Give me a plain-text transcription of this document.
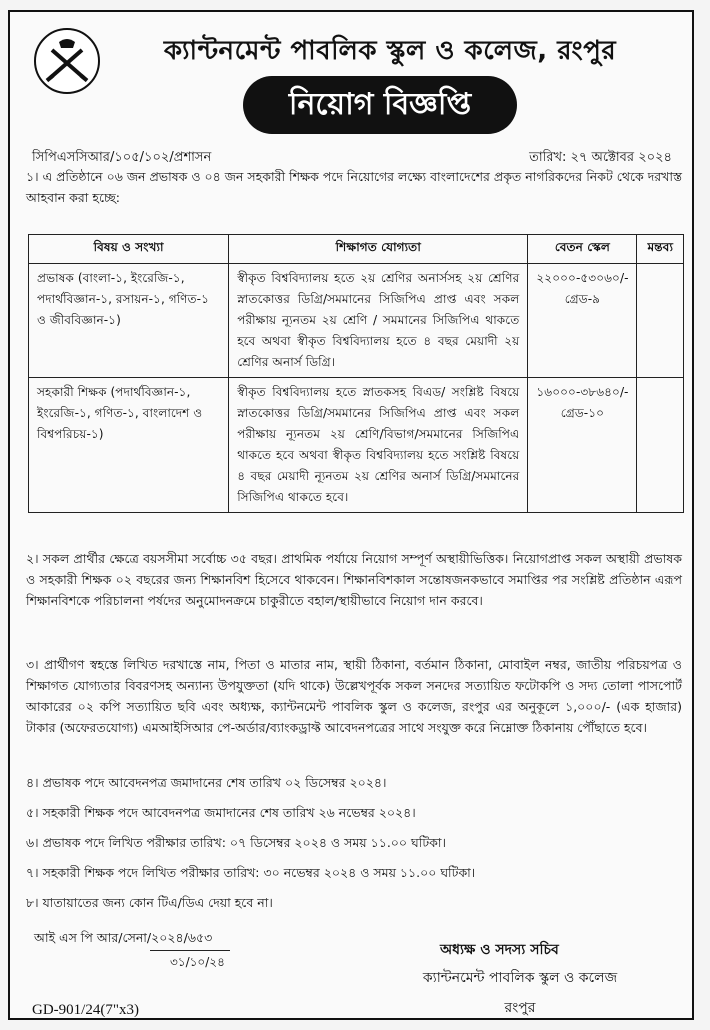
ক্যান্টনমেন্ট পাবলিক স্কুল ও কলেজ, রংপুর
নিয়োগ বিজ্ঞপ্তি
সিপিএসসিআর/১০৫/১০২/প্রশাসন	তারিখ: ২৭ অক্টোবর ২০২৪
১। এ প্রতিষ্ঠানে ০৬ জন প্রভাষক ও ০৪ জন সহকারী শিক্ষক পদে নিয়োগের লক্ষ্যে বাংলাদেশের প্রকৃত নাগরিকদের নিকট থেকে দরখাস্ত আহবান করা হচ্ছে:
বিষয় ও সংখ্যা	শিক্ষাগত যোগ্যতা	বেতন স্কেল	মন্তব্য
প্রভাষক (বাংলা-১, ইংরেজি-১, পদার্থবিজ্ঞান-১, রসায়ন-১, গণিত-১ ও জীববিজ্ঞান-১)	স্বীকৃত বিশ্ববিদ্যালয় হতে ২য় শ্রেণির অনার্সসহ ২য় শ্রেণির স্নাতকোত্তর ডিগ্রি/সমমানের সিজিপিএ প্রাপ্ত এবং সকল পরীক্ষায় ন্যূনতম ২য় শ্রেণি / সমমানের সিজিপিএ থাকতে হবে অথবা স্বীকৃত বিশ্ববিদ্যালয় হতে ৪ বছর মেয়াদী ২য় শ্রেণির অনার্স ডিগ্রি।	২২০০০-৫৩০৬০/-
গ্রেড-৯	

সহকারী শিক্ষক (পদার্থবিজ্ঞান-১, ইংরেজি-১, গণিত-১, বাংলাদেশ ও বিশ্বপরিচয়-১)	স্বীকৃত বিশ্ববিদ্যালয় হতে স্নাতকসহ বিএড/ সংশ্লিষ্ট বিষয়ে স্নাতকোত্তর ডিগ্রি/সমমানের সিজিপিএ প্রাপ্ত এবং সকল পরীক্ষায় ন্যূনতম ২য় শ্রেণি/বিভাগ/সমমানের সিজিপিএ থাকতে হবে অথবা স্বীকৃত বিশ্ববিদ্যালয় হতে সংশ্লিষ্ট বিষয়ে ৪ বছর মেয়াদী ন্যূনতম ২য় শ্রেণির অনার্স ডিগ্রি/সমমানের সিজিপিএ থাকতে হবে।	১৬০০০-৩৮৬৪০/-
গ্রেড-১০	

২। সকল প্রার্থীর ক্ষেত্রে বয়সসীমা সর্বোচ্চ ৩৫ বছর। প্রাথমিক পর্যায়ে নিয়োগ সম্পূর্ণ অস্থায়ীভিত্তিক। নিয়োগপ্রাপ্ত সকল অস্থায়ী প্রভাষক ও সহকারী শিক্ষক ০২ বছরের জন্য শিক্ষানবিশ হিসেবে থাকবেন। শিক্ষানবিশকাল সন্তোষজনকভাবে সমাপ্তির পর সংশ্লিষ্ট প্রতিষ্ঠান এরূপ শিক্ষানবিশকে পরিচালনা পর্ষদের অনুমোদনক্রমে চাকুরীতে বহাল/স্থায়ীভাবে নিয়োগ দান করবে।
৩। প্রার্থীগণ স্বহস্তে লিখিত দরখাস্তে নাম, পিতা ও মাতার নাম, স্থায়ী ঠিকানা, বর্তমান ঠিকানা, মোবাইল নম্বর, জাতীয় পরিচয়পত্র ও শিক্ষাগত যোগ্যতার বিবরণসহ অন্যান্য উপযুক্ততা (যদি থাকে) উল্লেখপূর্বক সকল সনদের সত্যায়িত ফটোকপি ও সদ্য তোলা পাসপোর্ট আকারের ০২ কপি সত্যায়িত ছবি এবং অধ্যক্ষ, ক্যান্টনমেন্ট পাবলিক স্কুল ও কলেজ, রংপুর এর অনুকূলে ১,০০০/- (এক হাজার) টাকার (অফেরতযোগ্য) এমআইসিআর পে-অর্ডার/ব্যাংকড্রাফ্ট আবেদনপত্রের সাথে সংযুক্ত করে নিম্নোক্ত ঠিকানায় পৌঁছাতে হবে।
৪। প্রভাষক পদে আবেদনপত্র জমাদানের শেষ তারিখ ০২ ডিসেম্বর ২০২৪।
৫। সহকারী শিক্ষক পদে আবেদনপত্র জমাদানের শেষ তারিখ ২৬ নভেম্বর ২০২৪।
৬। প্রভাষক পদে লিখিত পরীক্ষার তারিখ: ০৭ ডিসেম্বর ২০২৪ ও সময় ১১.০০ ঘটিকা।
৭। সহকারী শিক্ষক পদে লিখিত পরীক্ষার তারিখ: ৩০ নভেম্বর ২০২৪ ও সময় ১১.০০ ঘটিকা।
৮। যাতায়াতের জন্য কোন টিএ/ডিএ দেয়া হবে না।
আই এস পি আর/সেনা/২০২৪/৬৫৩
৩১/১০/২৪
অধ্যক্ষ ও সদস্য সচিব
ক্যান্টনমেন্ট পাবলিক স্কুল ও কলেজ
রংপুর
GD-901/24(7"x3)
